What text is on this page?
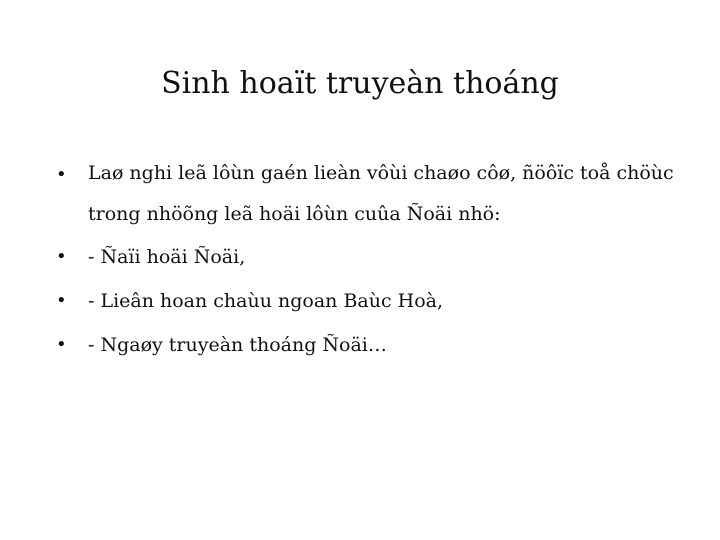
Sinh hoaït truyeàn thoáng
• Laø nghi leã lôùn gaén lieàn vôùi chaøo côø, ñöôïc toå chöùc trong nhöõng leã hoäi lôùn cuûa Ñoäi nhö:
• - Ñaïi hoäi Ñoäi,
• - Lieân hoan chaùu ngoan Baùc Hoà,
• - Ngaøy truyeàn thoáng Ñoäi…
